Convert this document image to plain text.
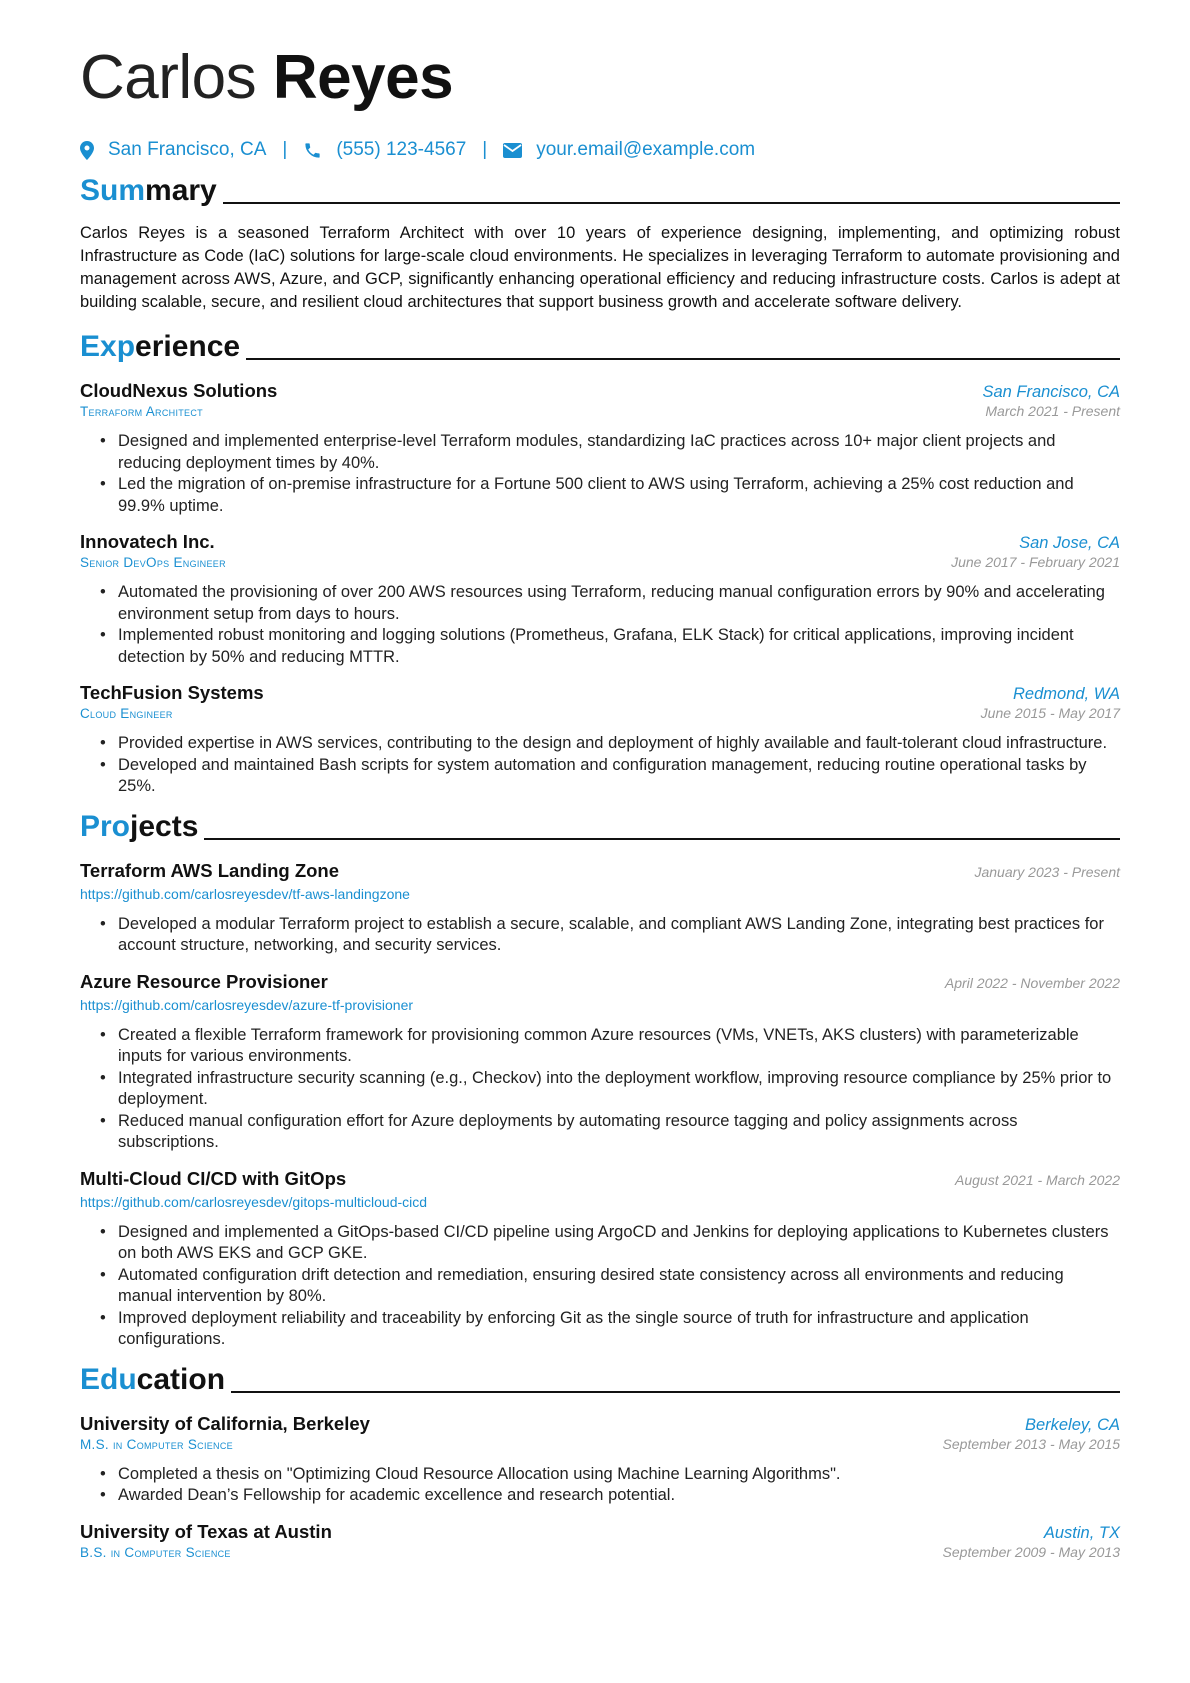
Carlos Reyes
San Francisco, CA |	(555) 123-4567 |	your.email@example.com
Summary
Carlos Reyes is a seasoned Terraform Architect with over 10 years of experience designing, implementing, and optimizing robust Infrastructure as Code (IaC) solutions for large-scale cloud environments. He specializes in leveraging Terraform to automate provisioning and management across AWS, Azure, and GCP, significantly enhancing operational efficiency and reducing infrastructure costs. Carlos is adept at building scalable, secure, and resilient cloud architectures that support business growth and accelerate software delivery.
Experience
CloudNexus Solutions	San Francisco, CA
Terraform Architect	March 2021 - Present
• Designed and implemented enterprise-level Terraform modules, standardizing IaC practices across 10+ major client projects and reducing deployment times by 40%.
• Led the migration of on-premise infrastructure for a Fortune 500 client to AWS using Terraform, achieving a 25% cost reduction and 99.9% uptime.
Innovatech Inc.	San Jose, CA
Senior DevOps Engineer	June 2017 - February 2021
• Automated the provisioning of over 200 AWS resources using Terraform, reducing manual configuration errors by 90% and accelerating environment setup from days to hours.
• Implemented robust monitoring and logging solutions (Prometheus, Grafana, ELK Stack) for critical applications, improving incident detection by 50% and reducing MTTR.
TechFusion Systems	Redmond, WA
Cloud Engineer	June 2015 - May 2017
• Provided expertise in AWS services, contributing to the design and deployment of highly available and fault-tolerant cloud infrastructure.
• Developed and maintained Bash scripts for system automation and configuration management, reducing routine operational tasks by 25%.
Projects
Terraform AWS Landing Zone	January 2023 - Present
https://github.com/carlosreyesdev/tf-aws-landingzone
• Developed a modular Terraform project to establish a secure, scalable, and compliant AWS Landing Zone, integrating best practices for account structure, networking, and security services.
Azure Resource Provisioner	April 2022 - November 2022
https://github.com/carlosreyesdev/azure-tf-provisioner
• Created a flexible Terraform framework for provisioning common Azure resources (VMs, VNETs, AKS clusters) with parameterizable inputs for various environments.
• Integrated infrastructure security scanning (e.g., Checkov) into the deployment workflow, improving resource compliance by 25% prior to deployment.
• Reduced manual configuration effort for Azure deployments by automating resource tagging and policy assignments across subscriptions.
Multi-Cloud CI/CD with GitOps	August 2021 - March 2022
https://github.com/carlosreyesdev/gitops-multicloud-cicd
• Designed and implemented a GitOps-based CI/CD pipeline using ArgoCD and Jenkins for deploying applications to Kubernetes clusters on both AWS EKS and GCP GKE.
• Automated configuration drift detection and remediation, ensuring desired state consistency across all environments and reducing manual intervention by 80%.
• Improved deployment reliability and traceability by enforcing Git as the single source of truth for infrastructure and application configurations.
Education
University of California, Berkeley	Berkeley, CA
M.S. in Computer Science	September 2013 - May 2015
• Completed a thesis on "Optimizing Cloud Resource Allocation using Machine Learning Algorithms".
• Awarded Dean’s Fellowship for academic excellence and research potential.
University of Texas at Austin	Austin, TX
B.S. in Computer Science	September 2009 - May 2013
